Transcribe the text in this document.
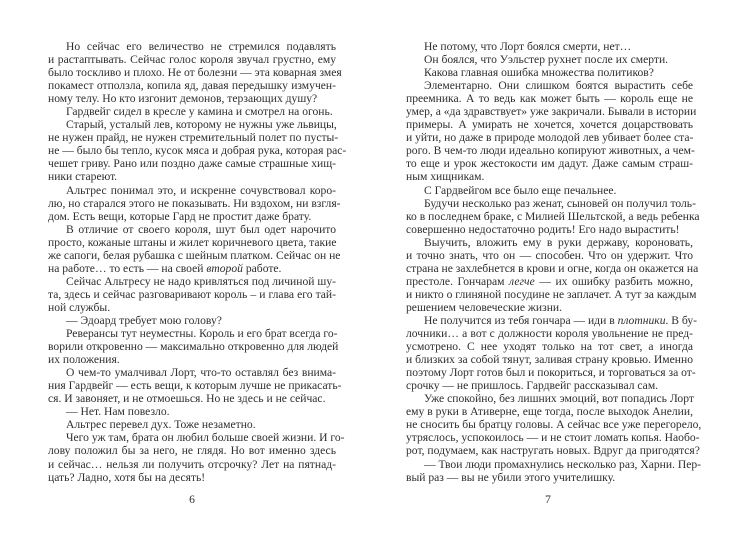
Но сейчас его величество не стремился подавлять
и растаптывать. Сейчас голос короля звучал грустно, ему
было тоскливо и плохо. Не от болезни — эта коварная змея
покамест отползла, копила яд, давая передышку измучен-
ному телу. Но кто изгонит демонов, терзающих душу?
Гардвейг сидел в кресле у камина и смотрел на огонь.
Старый, усталый лев, которому не нужны уже львицы,
не нужен прайд, не нужен стремительный полет по пусты-
не — было бы тепло, кусок мяса и добрая рука, которая рас-
чешет гриву. Рано или поздно даже самые страшные хищ-
ники стареют.
Альтрес понимал это, и искренне сочувствовал коро-
лю, но старался этого не показывать. Ни вздохом, ни взгля-
дом. Есть вещи, которые Гард не простит даже брату.
В отличие от своего короля, шут был одет нарочито
просто, кожаные штаны и жилет коричневого цвета, такие
же сапоги, белая рубашка с шейным платком. Сейчас он не
на работе… то есть — на своей второй работе.
Сейчас Альтресу не надо кривляться под личиной шу-
та, здесь и сейчас разговаривают король – и глава его тай-
ной службы.
— Эдоард требует мою голову?
Реверансы тут неуместны. Король и его брат всегда го-
ворили откровенно — максимально откровенно для людей
их положения.
О чем-то умалчивал Лорт, что-то оставлял без внима-
ния Гардвейг — есть вещи, к которым лучше не прикасать-
ся. И завоняет, и не отмоешься. Но не здесь и не сейчас.
— Нет. Нам повезло.
Альтрес перевел дух. Тоже незаметно.
Чего уж там, брата он любил больше своей жизни. И го-
лову положил бы за него, не глядя. Но вот именно здесь
и сейчас… нельзя ли получить отсрочку? Лет на пятнад-
цать? Ладно, хотя бы на десять!
Не потому, что Лорт боялся смерти, нет…
Он боялся, что Уэльстер рухнет после их смерти.
Какова главная ошибка множества политиков?
Элементарно. Они слишком боятся вырастить себе
преемника. А то ведь как может быть — король еще не
умер, а «да здравствует» уже закричали. Бывали в истории
примеры. А умирать не хочется, хочется доцарствовать
и уйти, но даже в природе молодой лев убивает более ста-
рого. В чем-то люди идеально копируют животных, а чем-
то еще и урок жестокости им дадут. Даже самым страш-
ным хищникам.
С Гардвейгом все было еще печальнее.
Будучи несколько раз женат, сыновей он получил толь-
ко в последнем браке, с Милией Шельтской, а ведь ребенка
совершенно недостаточно родить! Его надо вырастить!
Выучить, вложить ему в руки державу, короновать,
и точно знать, что он — способен. Что он удержит. Что
страна не захлебнется в крови и огне, когда он окажется на
престоле. Гончарам легче — их ошибку разбить можно,
и никто о глиняной посудине не заплачет. А тут за каждым
решением человеческие жизни.
Не получится из тебя гончара — иди в плотники. В бу-
лочники… а вот с должности короля увольнение не пред-
усмотрено. С нее уходят только на тот свет, а иногда
и близких за собой тянут, заливая страну кровью. Именно
поэтому Лорт готов был и покориться, и торговаться за от-
срочку — не пришлось. Гардвейг рассказывал сам.
Уже спокойно, без лишних эмоций, вот попадись Лорт
ему в руки в Ативерне, еще тогда, после выходок Анелии,
не сносить бы братцу головы. А сейчас все уже перегорело,
утряслось, успокоилось — и не стоит ломать копья. Наобо-
рот, подумаем, как настругать новых. Вдруг да пригодятся?
— Твои люди промахнулись несколько раз, Харни. Пер-
вый раз — вы не убили этого учителишку.
6	7
